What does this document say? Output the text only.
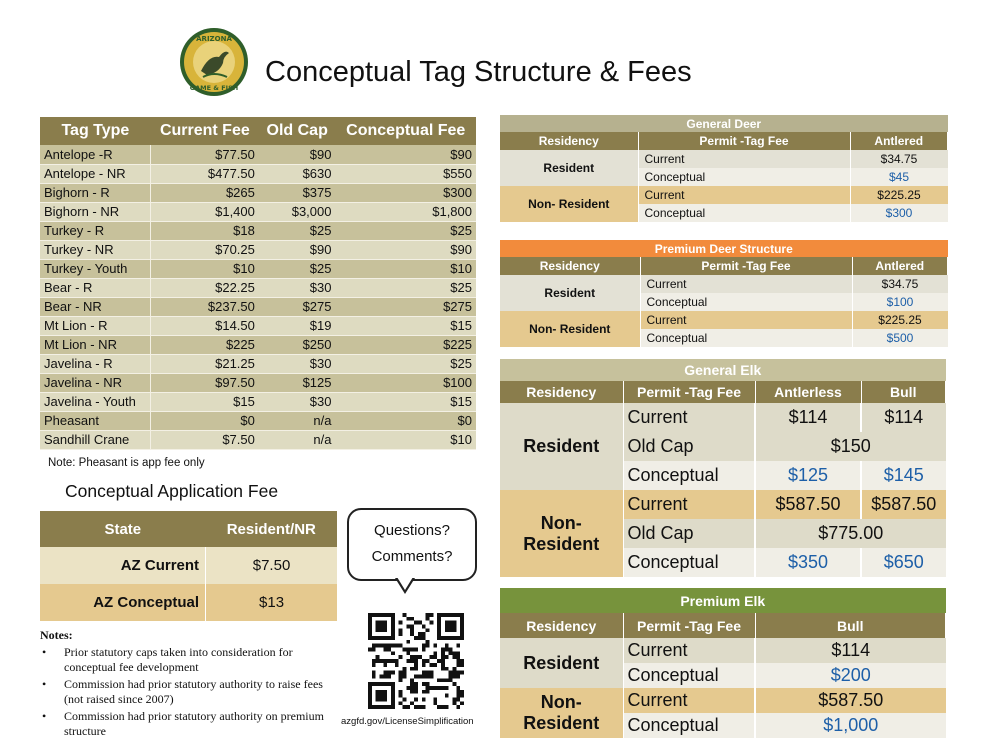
ARIZONA
GAME & FISH Conceptual Tag Structure & Fees
Tag Type	Current Fee	Old Cap	Conceptual Fee
Antelope -R	$77.50	$90	$90
Antelope - NR	$477.50	$630	$550
Bighorn - R	$265	$375	$300
Bighorn - NR	$1,400	$3,000	$1,800
Turkey - R	$18	$25	$25
Turkey - NR	$70.25	$90	$90
Turkey - Youth	$10	$25	$10
Bear - R	$22.25	$30	$25
Bear - NR	$237.50	$275	$275
Mt Lion - R	$14.50	$19	$15
Mt Lion - NR	$225	$250	$225
Javelina - R	$21.25	$30	$25
Javelina - NR	$97.50	$125	$100
Javelina - Youth	$15	$30	$15
Pheasant	$0	n/a	$0
Sandhill Crane	$7.50	n/a	$10
Note: Pheasant is app fee only
Conceptual Application Fee
State	Resident/NR
AZ Current	$7.50
AZ Conceptual	$13
Notes:
• Prior statutory caps taken into consideration for conceptual fee development
• Commission had prior statutory authority to raise fees (not raised since 2007)
• Commission had prior statutory authority on premium structure
Questions?
Comments?
azgfd.gov/LicenseSimplification
General Deer		
Residency	Permit -Tag Fee	Antlered
Resident	Current	$34.75
	Conceptual	$45
Non- Resident	Current	$225.25
	Conceptual	$300
Premium Deer Structure		
Residency	Permit -Tag Fee	Antlered
Resident	Current	$34.75
	Conceptual	$100
Non- Resident	Current	$225.25
	Conceptual	$500
General Elk			
Residency	Permit -Tag Fee	Antlerless	Bull
Resident	Current	$114	$114
	Old Cap	$150	
	Conceptual	$125	$145
Non- Resident	Current	$587.50	$587.50
	Old Cap	$775.00	
	Conceptual	$350	$650
Premium Elk		
Residency	Permit -Tag Fee	Bull
Resident	Current	$114
	Conceptual	$200
Non- Resident	Current	$587.50
	Conceptual	$1,000
